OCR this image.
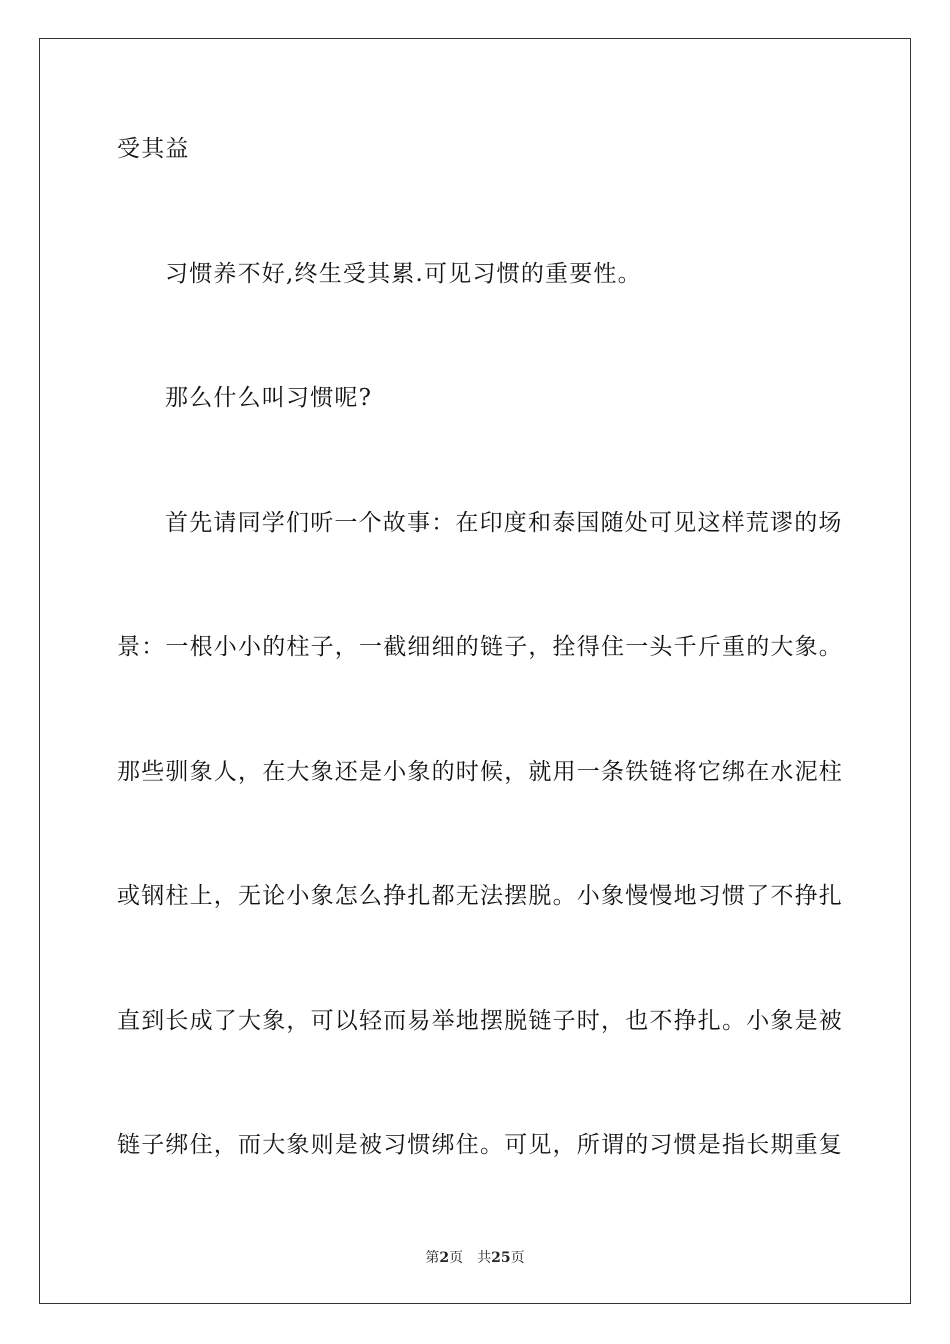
受其益
习惯养不好,终生受其累.可见习惯的重要性。
那么什么叫习惯呢?
首先请同学们听一个故事：在印度和泰国随处可见这样荒谬的场
景：一根小小的柱子，一截细细的链子，拴得住一头千斤重的大象。
那些驯象人，在大象还是小象的时候，就用一条铁链将它绑在水泥柱
或钢柱上，无论小象怎么挣扎都无法摆脱。小象慢慢地习惯了不挣扎
直到长成了大象，可以轻而易举地摆脱链子时，也不挣扎。小象是被
链子绑住，而大象则是被习惯绑住。可见，所谓的习惯是指长期重复
第2页 共25页
